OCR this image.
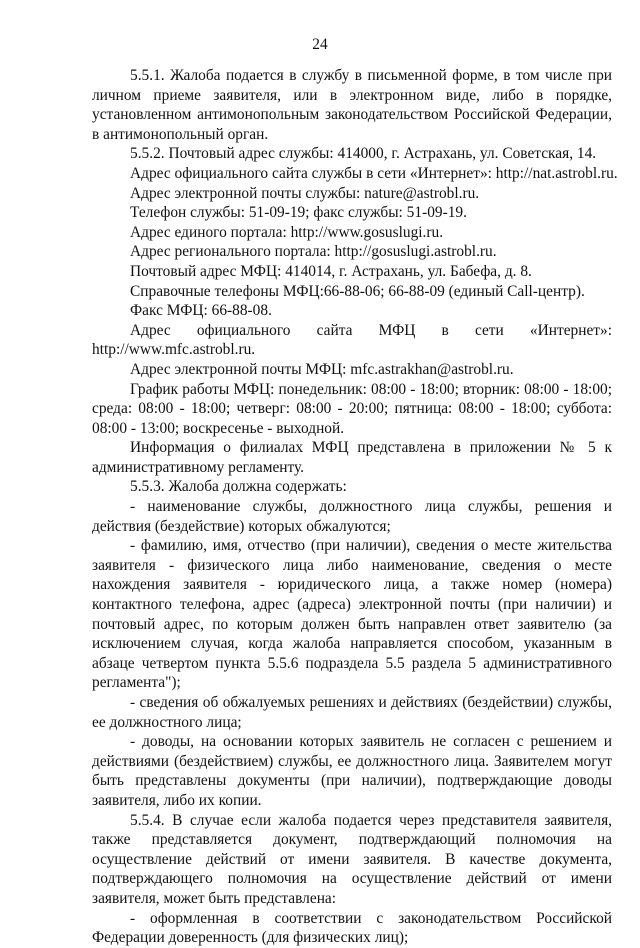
24

5.5.1. Жалоба подается в службу в письменной форме, в том числе при личном приеме заявителя, или в электронном виде, либо в порядке, установленном антимонопольным законодательством Российской Федерации, в антимонопольный орган.

5.5.2. Почтовый адрес службы: 414000, г. Астрахань, ул. Советская, 14.

Адрес официального сайта службы в сети «Интернет»: http://nat.astrobl.ru.

Адрес электронной почты службы: nature@astrobl.ru.

Телефон службы: 51-09-19; факс службы: 51-09-19.

Адрес единого портала: http://www.gosuslugi.ru.

Адрес регионального портала: http://gosuslugi.astrobl.ru.

Почтовый адрес МФЦ: 414014, г. Астрахань, ул. Бабефа, д. 8.

Справочные телефоны МФЦ:66-88-06; 66-88-09 (единый Call-центр).

Факс МФЦ: 66-88-08.

Адрес официального сайта МФЦ в сети «Интернет»: http://www.mfc.astrobl.ru.

Адрес электронной почты МФЦ: mfc.astrakhan@astrobl.ru.

График работы МФЦ: понедельник: 08:00 - 18:00; вторник: 08:00 - 18:00; среда: 08:00 - 18:00; четверг: 08:00 - 20:00; пятница: 08:00 - 18:00; суббота: 08:00 - 13:00; воскресенье - выходной.

Информация о филиалах МФЦ представлена в приложении № 5 к административному регламенту.

5.5.3. Жалоба должна содержать:

- наименование службы, должностного лица службы, решения и действия (бездействие) которых обжалуются;

- фамилию, имя, отчество (при наличии), сведения о месте жительства заявителя - физического лица либо наименование, сведения о месте нахождения заявителя - юридического лица, а также номер (номера) контактного телефона, адрес (адреса) электронной почты (при наличии) и почтовый адрес, по которым должен быть направлен ответ заявителю (за исключением случая, когда жалоба направляется способом, указанным в абзаце четвертом пункта 5.5.6 подраздела 5.5 раздела 5 административного регламента");

- сведения об обжалуемых решениях и действиях (бездействии) службы, ее должностного лица;

- доводы, на основании которых заявитель не согласен с решением и действиями (бездействием) службы, ее должностного лица. Заявителем могут быть представлены документы (при наличии), подтверждающие доводы заявителя, либо их копии.

5.5.4. В случае если жалоба подается через представителя заявителя, также представляется документ, подтверждающий полномочия на осуществление действий от имени заявителя. В качестве документа, подтверждающего полномочия на осуществление действий от имени заявителя, может быть представлена:

- оформленная в соответствии с законодательством Российской Федерации доверенность (для физических лиц);
